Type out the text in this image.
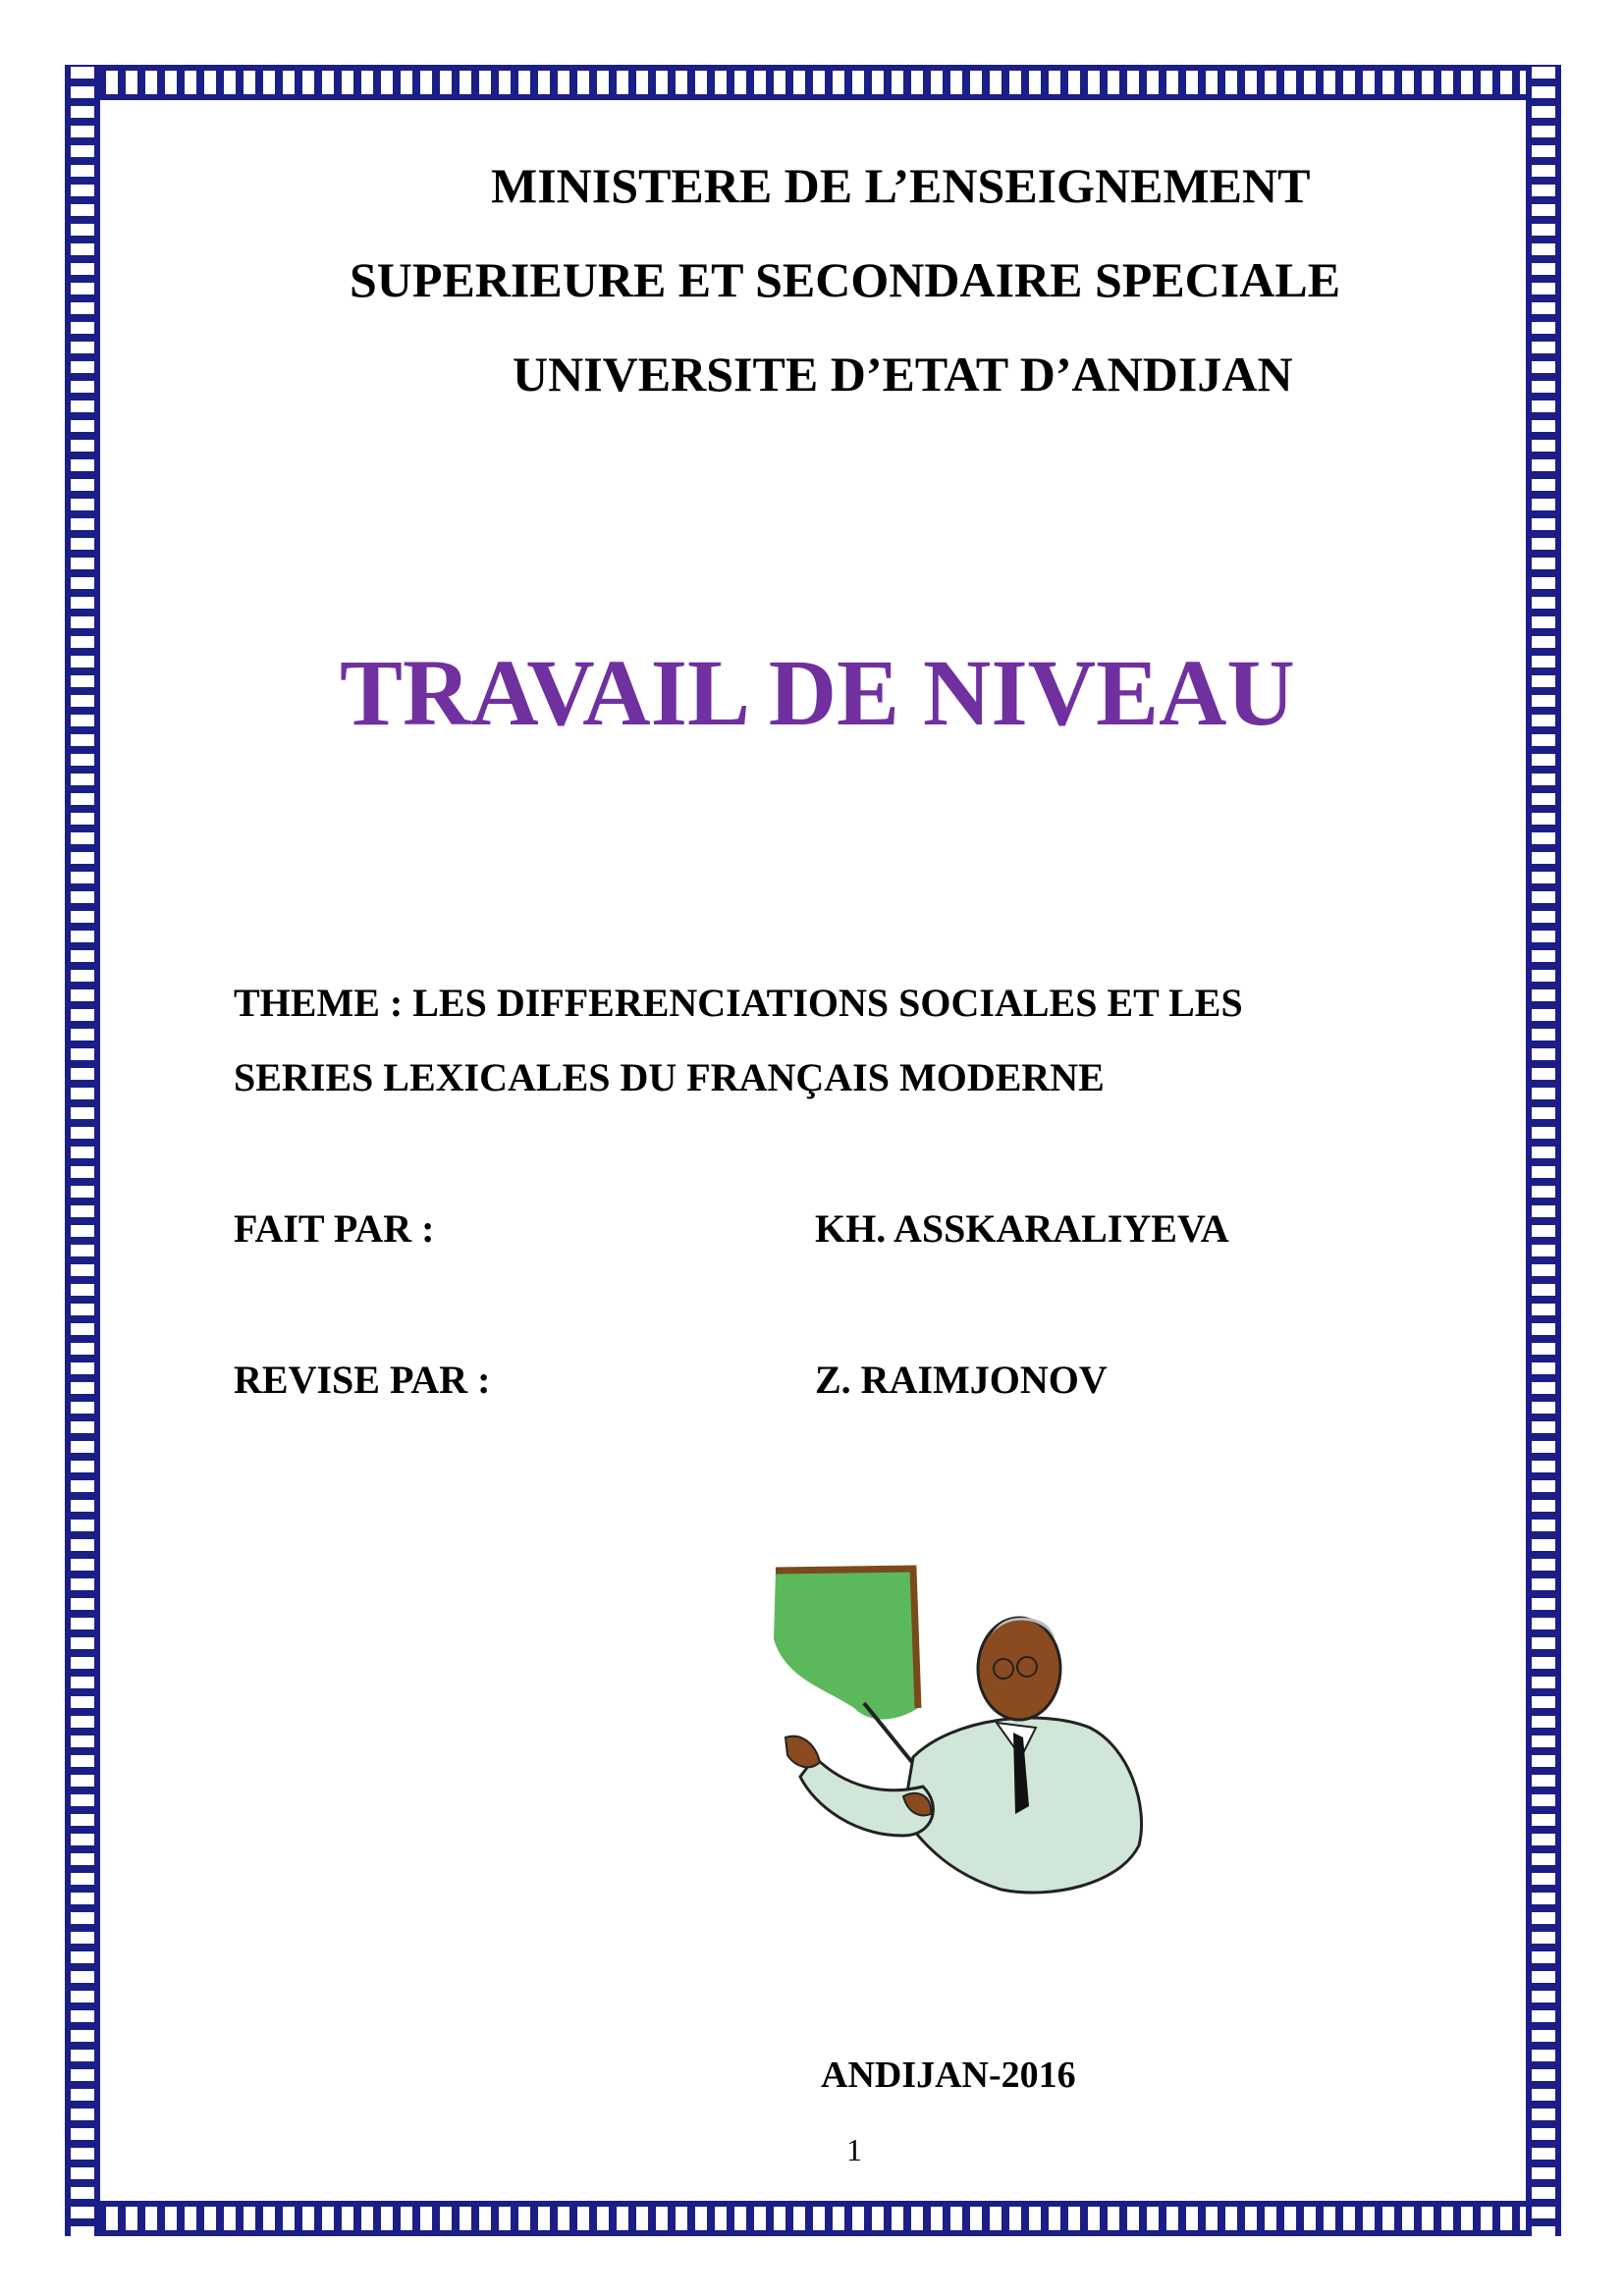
MINISTERE DE L’ENSEIGNEMENT
SUPERIEURE ET SECONDAIRE SPECIALE
UNIVERSITE D’ETAT D’ANDIJAN
TRAVAIL DE NIVEAU
THEME : LES DIFFERENCIATIONS SOCIALES ET LES
SERIES LEXICALES DU FRANÇAIS MODERNE
FAIT PAR :	KH. ASSKARALIYEVA
REVISE PAR :	Z. RAIMJONOV
ANDIJAN-2016
1
